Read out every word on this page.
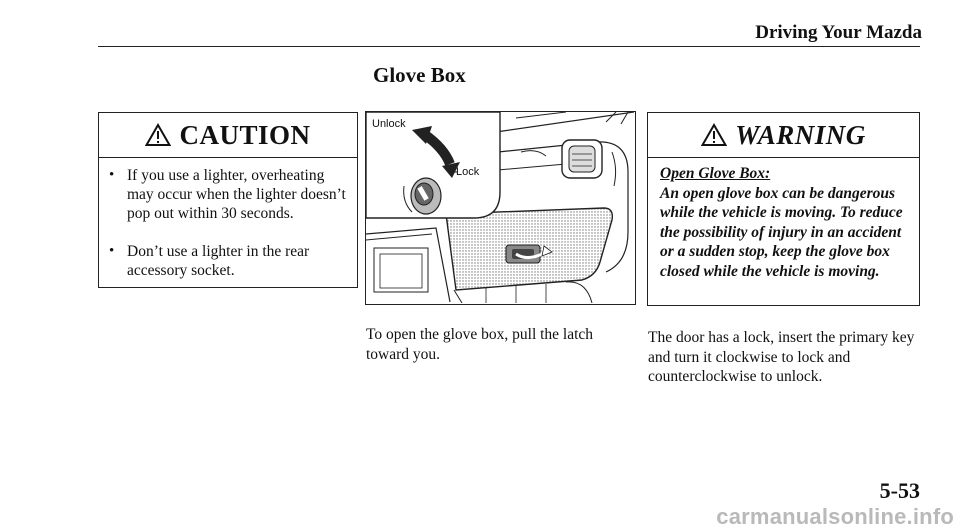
Driving Your Mazda
Glove Box
CAUTION
• If you use a lighter, overheating may occur when the lighter doesn’t pop out within 30 seconds.
• Don’t use a lighter in the rear accessory socket.
Unlock
Lock
WARNING
Open Glove Box:
An open glove box can be dangerous while the vehicle is moving. To reduce the possibility of injury in an accident or a sudden stop, keep the glove box closed while the vehicle is moving.
To open the glove box, pull the latch toward you.
The door has a lock, insert the primary key and turn it clockwise to lock and counterclockwise to unlock.
5-53
carmanualsonline.info
